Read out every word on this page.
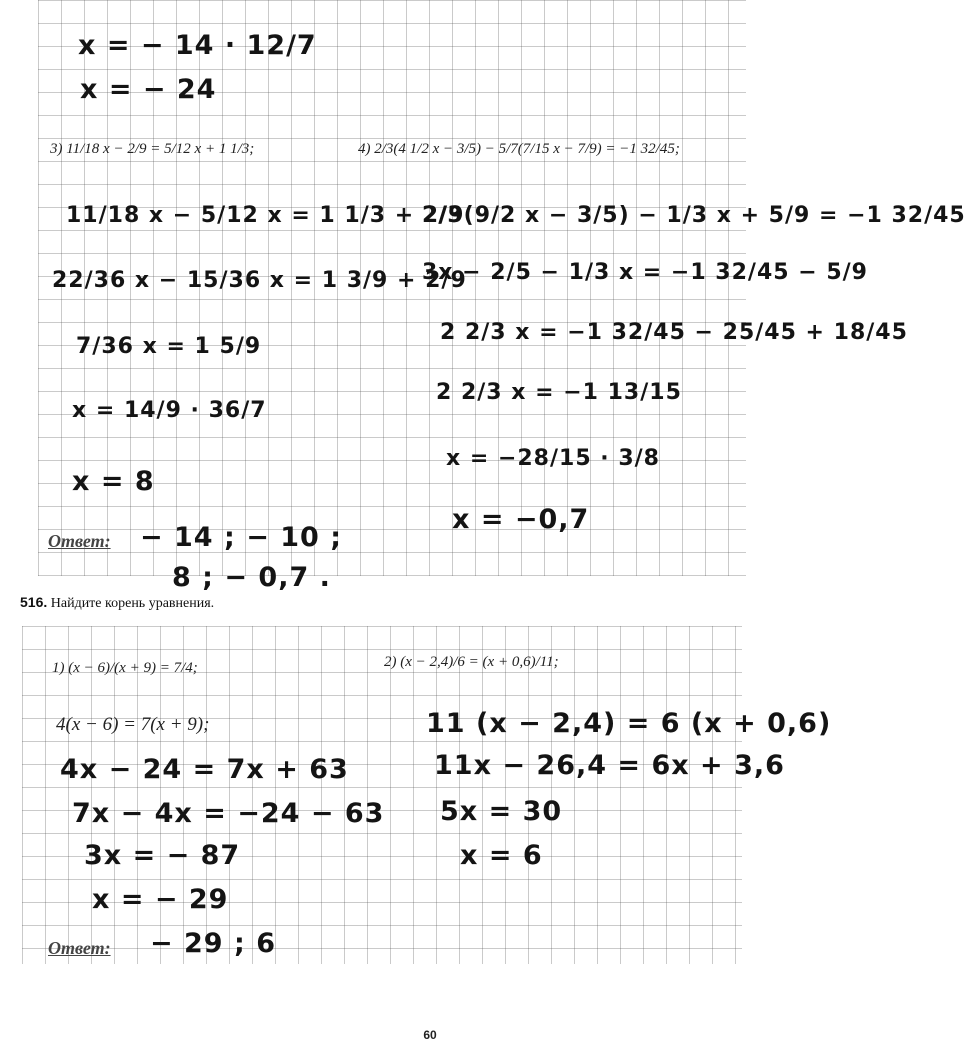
x = − 14 · 12/7
x = − 24
3) 11/18 x − 2/9 = 5/12 x + 1 1/3;	4) 2/3(4 1/2 x − 3/5) − 5/7(7/15 x − 7/9) = −1 32/45;
11/18 x − 5/12 x = 1 1/3 + 2/9
22/36 x − 15/36 x = 1 3/9 + 2/9
7/36 x = 1 5/9
x = 14/9 · 36/7
x = 8
2/3(9/2 x − 3/5) − 1/3 x + 5/9 = −1 32/45
3x − 2/5 − 1/3 x = −1 32/45 − 5/9
2 2/3 x = −1 32/45 − 25/45 + 18/45
2 2/3 x = −1 13/15
x = −28/15 · 3/8
x = −0,7
Ответ: − 14 ; − 10 ;
8 ; − 0,7 .
516. Найдите корень уравнения.
1) (x − 6)/(x + 9) = 7/4;	2) (x − 2,4)/6 = (x + 0,6)/11;
4(x − 6) = 7(x + 9);
4x − 24 = 7x + 63
7x − 4x = −24 − 63
3x = − 87
x = − 29
11 (x − 2,4) = 6 (x + 0,6)
11x − 26,4 = 6x + 3,6
5x = 30
x = 6
Ответ: − 29 ; 6
60
